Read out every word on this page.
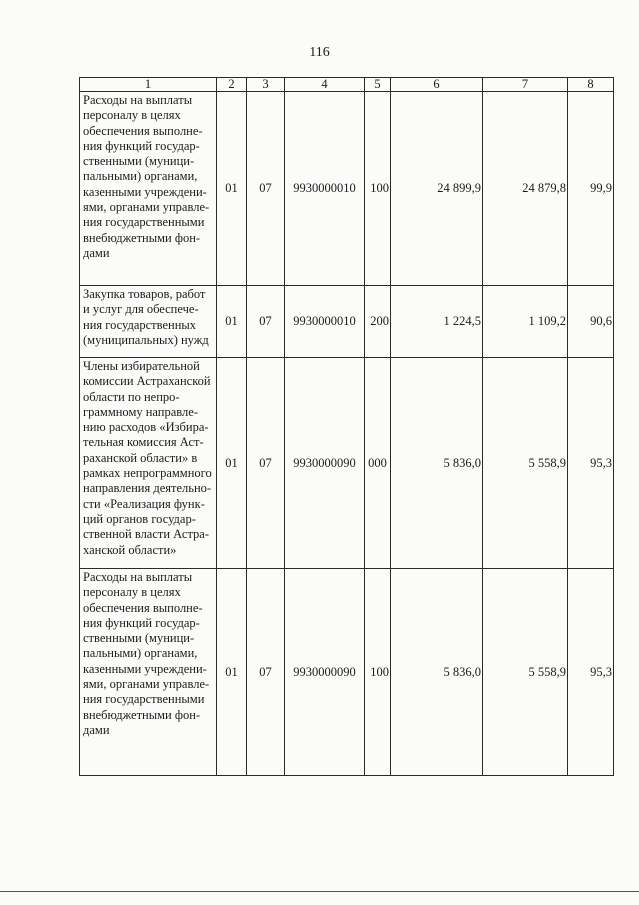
116
1	2	3	4	5	6	7	8
Расходы на выплаты персоналу в целях обеспечения выполне-ния функций государ-ственными (муници-пальными) органами, казенными учреждени-ями, органами управле-ния государственными внебюджетными фон-дами	01	07	9930000010	100	24 899,9	24 879,8	99,9
Закупка товаров, работ и услуг для обеспече-ния государственных (муниципальных) нужд	01	07	9930000010	200	1 224,5	1 109,2	90,6
Члены избирательной комиссии Астраханской области по непро-граммному направле-нию расходов «Избира-тельная комиссия Аст-раханской области» в рамках непрограммного направления деятельно-сти «Реализация функ-ций органов государ-ственной власти Астра-ханской области»	01	07	9930000090	000	5 836,0	5 558,9	95,3
Расходы на выплаты персоналу в целях обеспечения выполне-ния функций государ-ственными (муници-пальными) органами, казенными учреждени-ями, органами управле-ния государственными внебюджетными фон-дами	01	07	9930000090	100	5 836,0	5 558,9	95,3
